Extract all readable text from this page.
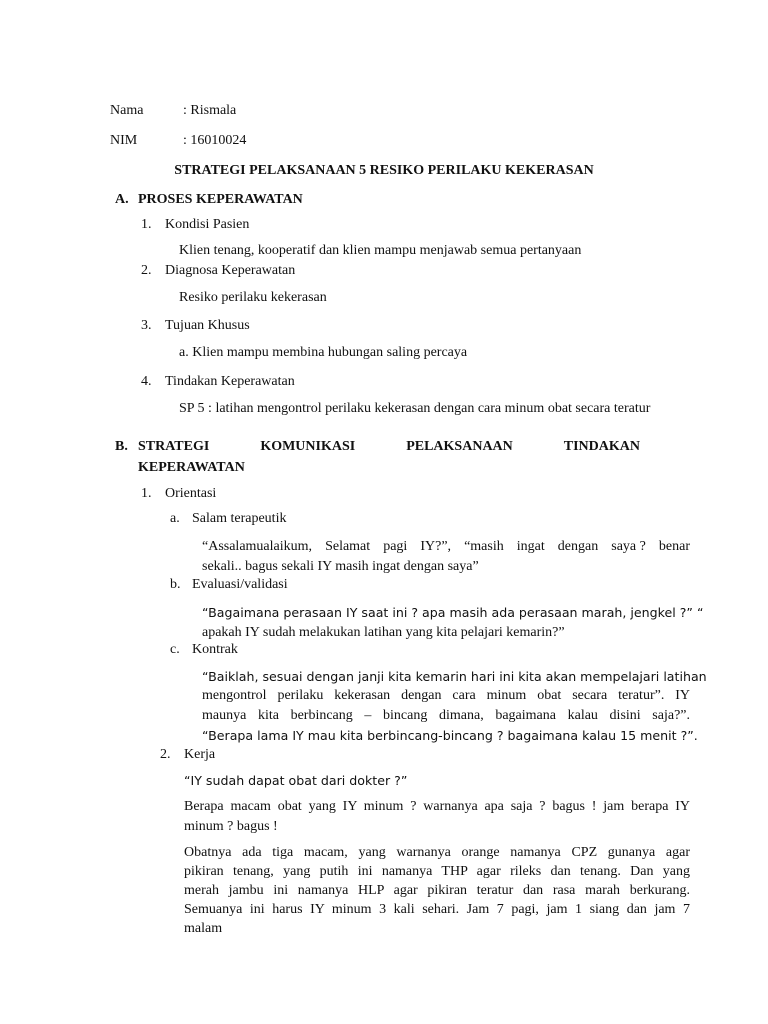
Nama	: Rismala
NIM	: 16010024
STRATEGI PELAKSANAAN 5 RESIKO PERILAKU KEKERASAN
A. PROSES KEPERAWATAN
1. Kondisi Pasien
Klien tenang, kooperatif dan klien mampu menjawab semua pertanyaan
2. Diagnosa Keperawatan
Resiko perilaku kekerasan
3. Tujuan Khusus
a. Klien mampu membina hubungan saling percaya
4. Tindakan Keperawatan
SP 5 : latihan mengontrol perilaku kekerasan dengan cara minum obat secara teratur
B. STRATEGI	KOMUNIKASI	PELAKSANAAN	TINDAKAN
KEPERAWATAN
1. Orientasi
a. Salam terapeutik
“Assalamualaikum, Selamat pagi IY?”, “masih ingat dengan saya ? benar
sekali.. bagus sekali IY masih ingat dengan saya”
b. Evaluasi/validasi
“Bagaimana perasaan IY saat ini ? apa masih ada perasaan marah, jengkel ?” “
apakah IY sudah melakukan latihan yang kita pelajari kemarin?”
c. Kontrak
“Baiklah, sesuai dengan janji kita kemarin hari ini kita akan mempelajari latihan
mengontrol perilaku kekerasan dengan cara minum obat secara teratur”. IY
maunya kita berbincang – bincang dimana, bagaimana kalau disini saja?”.
“Berapa lama IY mau kita berbincang-bincang ? bagaimana kalau 15 menit ?”.
2. Kerja
“IY sudah dapat obat dari dokter ?”
Berapa macam obat yang IY minum ? warnanya apa saja ? bagus ! jam berapa IY
minum ? bagus !
Obatnya ada tiga macam, yang warnanya orange namanya CPZ gunanya agar
pikiran tenang, yang putih ini namanya THP agar rileks dan tenang. Dan yang
merah jambu ini namanya HLP agar pikiran teratur dan rasa marah berkurang.
Semuanya ini harus IY minum 3 kali sehari. Jam 7 pagi, jam 1 siang dan jam 7
malam
